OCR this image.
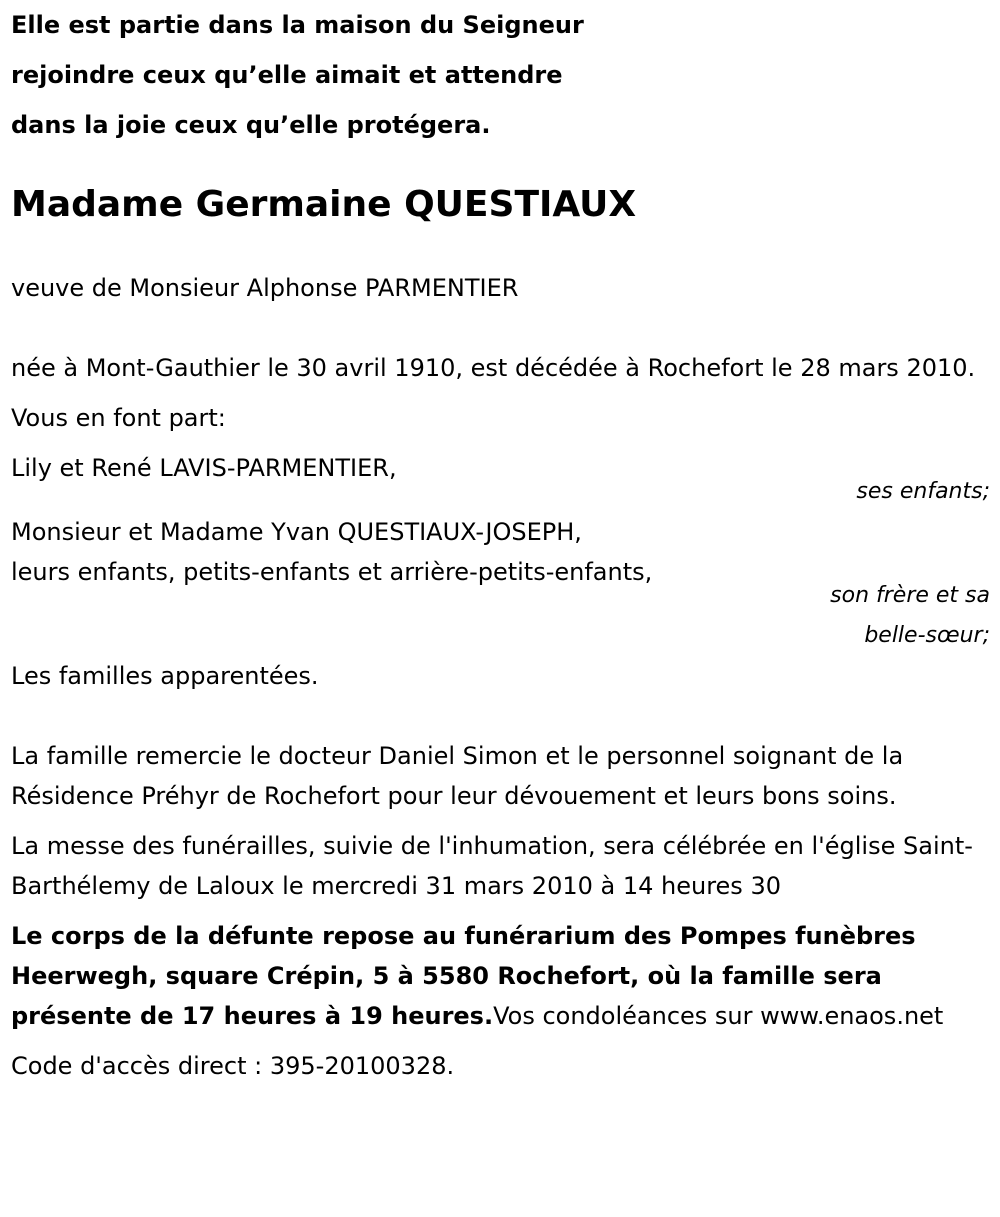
Elle est partie dans la maison du Seigneur
rejoindre ceux qu’elle aimait et attendre
dans la joie ceux qu’elle protégera.
Madame Germaine QUESTIAUX
veuve de Monsieur Alphonse PARMENTIER
née à Mont-Gauthier le 30 avril 1910, est décédée à Rochefort le 28 mars 2010.
Vous en font part:
Lily et René LAVIS-PARMENTIER,
ses enfants;
Monsieur et Madame Yvan QUESTIAUX-JOSEPH,
leurs enfants, petits-enfants et arrière-petits-enfants,
son frère et sa
belle-sœur;
Les familles apparentées.
La famille remercie le docteur Daniel Simon et le personnel soignant de la Résidence Préhyr de Rochefort pour leur dévouement et leurs bons soins.
La messe des funérailles, suivie de l'inhumation, sera célébrée en l'église Saint-Barthélemy de Laloux le mercredi 31 mars 2010 à 14 heures 30
Le corps de la défunte repose au funérarium des Pompes funèbres Heerwegh, square Crépin, 5 à 5580 Rochefort, où la famille sera présente de 17 heures à 19 heures.Vos condoléances sur www.enaos.net
Code d'accès direct : 395-20100328.
